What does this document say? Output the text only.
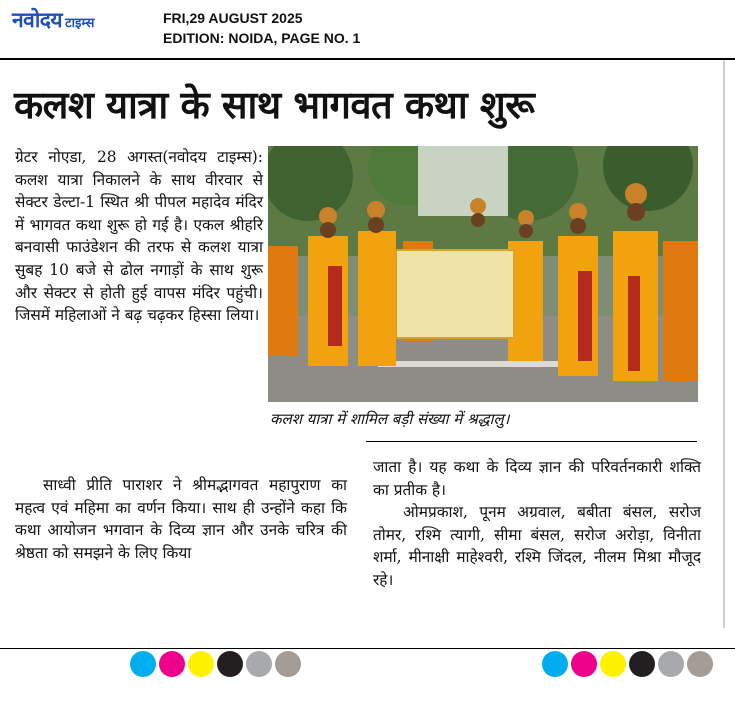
नवोदय टाइम्स	FRI,29 AUGUST 2025
EDITION: NOIDA, PAGE NO. 1
कलश यात्रा के साथ भागवत कथा शुरू

ग्रेटर नोएडा, 28 अगस्त(नवोदय टाइम्स): कलश यात्रा निकालने के साथ वीरवार से सेक्टर डेल्टा-1 स्थित श्री पीपल महादेव मंदिर में भागवत कथा शुरू हो गई है। एकल श्रीहरि बनवासी फाउंडेशन की तरफ से कलश यात्रा सुबह 10 बजे से ढोल नगाड़ों के साथ शुरू और सेक्टर से होती हुई वापस मंदिर पहुंची। जिसमें महिलाओं ने बढ़ चढ़कर हिस्सा लिया।

कलश यात्रा में शामिल बड़ी संख्या में श्रद्धालु।

साध्वी प्रीति पाराशर ने श्रीमद्भागवत महापुराण का महत्व एवं महिमा का वर्णन किया। साथ ही उन्होंने कहा कि कथा आयोजन भगवान के दिव्य ज्ञान और उनके चरित्र की श्रेष्ठता को समझने के लिए किया

जाता है। यह कथा के दिव्य ज्ञान की परिवर्तनकारी शक्ति का प्रतीक है।

ओमप्रकाश, पूनम अग्रवाल, बबीता बंसल, सरोज तोमर, रश्मि त्यागी, सीमा बंसल, सरोज अरोड़ा, विनीता शर्मा, मीनाक्षी माहेश्वरी, रश्मि जिंदल, नीलम मिश्रा मौजूद रहे।
